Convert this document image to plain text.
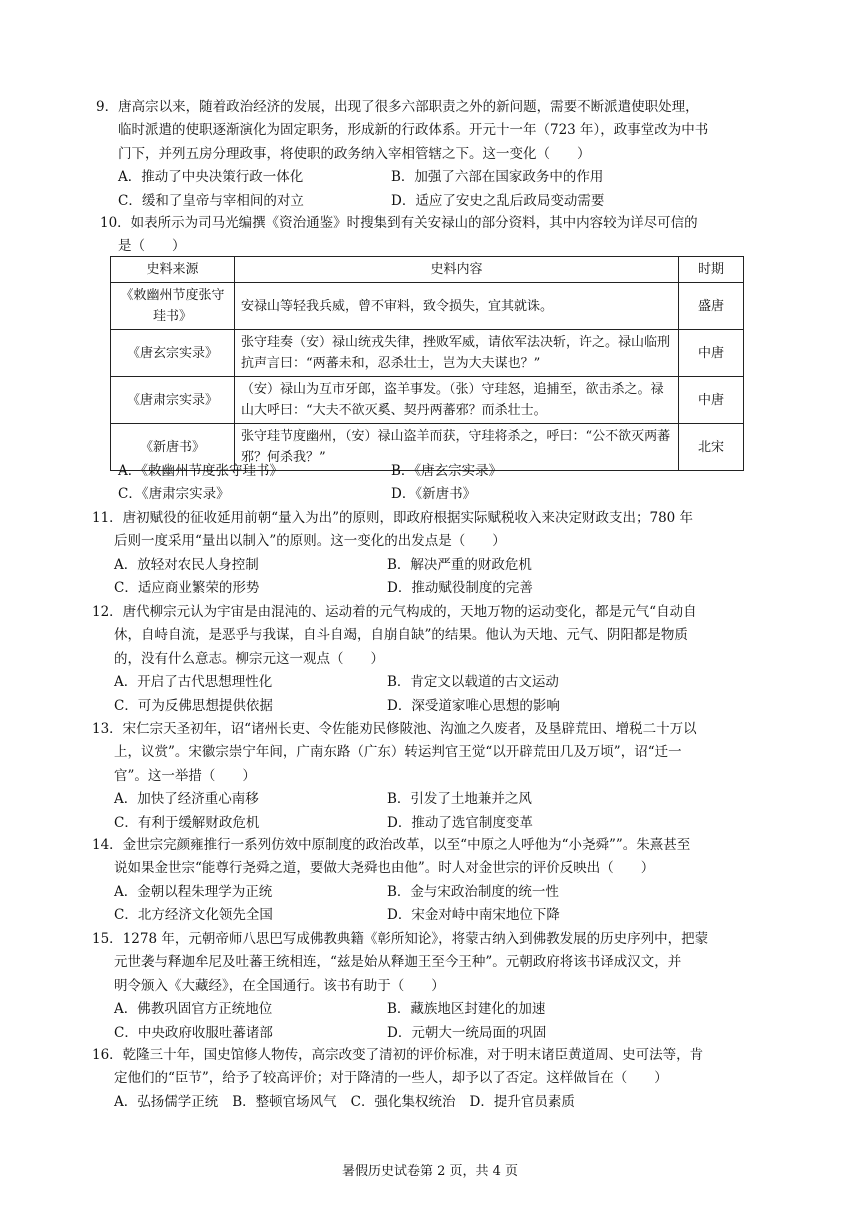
9．唐高宗以来，随着政治经济的发展，出现了很多六部职责之外的新问题，需要不断派遣使职处理，
临时派遣的使职逐渐演化为固定职务，形成新的行政体系。开元十一年（723 年），政事堂改为中书
门下，并列五房分理政事，将使职的政务纳入宰相管辖之下。这一变化（　　）
A．推动了中央决策行政一体化	B．加强了六部在国家政务中的作用
C．缓和了皇帝与宰相间的对立	D．适应了安史之乱后政局变动需要
10．如表所示为司马光编撰《资治通鉴》时搜集到有关安禄山的部分资料，其中内容较为详尽可信的
是（　　）
史料来源	史料内容	时期
《敕幽州节度张守珪书》	安禄山等轻我兵威，曾不审料，致令损失，宜其就诛。	盛唐
《唐玄宗实录》	张守珪奏（安）禄山统戎失律，挫败军威，请依军法决斩，许之。禄山临刑抗声言曰：“两蕃未和，忍杀壮士，岂为大夫谋也？”	中唐
《唐肃宗实录》	（安）禄山为互市牙郎，盗羊事发。（张）守珪怒，追捕至，欲击杀之。禄山大呼曰：“大夫不欲灭奚、契丹两蕃邪？而杀壮士。	中唐
《新唐书》	张守珪节度幽州，（安）禄山盗羊而获，守珪将杀之，呼曰：“公不欲灭两蕃邪？何杀我？”	北宋
A．《敕幽州节度张守珪书》	B．《唐玄宗实录》
C．《唐肃宗实录》	D．《新唐书》
11．唐初赋役的征收延用前朝“量入为出”的原则，即政府根据实际赋税收入来决定财政支出；780 年
后则一度采用“量出以制入”的原则。这一变化的出发点是（　　）
A．放轻对农民人身控制	B．解决严重的财政危机
C．适应商业繁荣的形势	D．推动赋役制度的完善
12．唐代柳宗元认为宇宙是由混沌的、运动着的元气构成的，天地万物的运动变化，都是元气“自动自
休，自峙自流，是恶乎与我谋，自斗自竭，自崩自缺”的结果。他认为天地、元气、阴阳都是物质
的，没有什么意志。柳宗元这一观点（　　）
A．开启了古代思想理性化	B．肯定文以载道的古文运动
C．可为反佛思想提供依据	D．深受道家唯心思想的影响
13．宋仁宗天圣初年，诏“诸州长吏、令佐能劝民修陂池、沟洫之久废者，及垦辟荒田、增税二十万以
上，议赏”。宋徽宗崇宁年间，广南东路（广东）转运判官王觉“以开辟荒田几及万顷”，诏“迁一
官”。这一举措（　　）
A．加快了经济重心南移	B．引发了土地兼并之风
C．有利于缓解财政危机	D．推动了选官制度变革
14．金世宗完颜雍推行一系列仿效中原制度的政治改革，以至“中原之人呼他为“小尧舜””。朱熹甚至
说如果金世宗“能尊行尧舜之道，要做大尧舜也由他”。时人对金世宗的评价反映出（　　）
A．金朝以程朱理学为正统	B．金与宋政治制度的统一性
C．北方经济文化领先全国	D．宋金对峙中南宋地位下降
15．1278 年，元朝帝师八思巴写成佛教典籍《彰所知论》，将蒙古纳入到佛教发展的历史序列中，把蒙
元世袭与释迦牟尼及吐蕃王统相连，“兹是始从释迦王至今王种”。元朝政府将该书译成汉文，并
明令颁入《大藏经》，在全国通行。该书有助于（　　）
A．佛教巩固官方正统地位	B．藏族地区封建化的加速
C．中央政府收服吐蕃诸部	D．元朝大一统局面的巩固
16．乾隆三十年，国史馆修人物传，高宗改变了清初的评价标准，对于明末诸臣黄道周、史可法等，肯
定他们的“臣节”，给予了较高评价；对于降清的一些人，却予以了否定。这样做旨在（　　）
A．弘扬儒学正统 B．整顿官场风气 C．强化集权统治 D．提升官员素质
暑假历史试卷第 2 页，共 4 页
